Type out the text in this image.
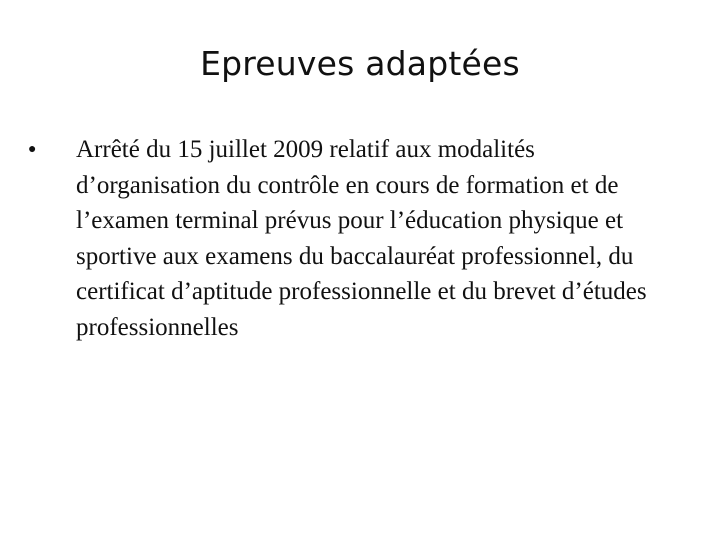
Epreuves adaptées
●	Arrêté du 15 juillet 2009 relatif aux modalités d’organisation du contrôle en cours de formation et de l’examen terminal prévus pour l’éducation physique et sportive aux examens du baccalauréat professionnel, du certificat d’aptitude professionnelle et du brevet d’études professionnelles
